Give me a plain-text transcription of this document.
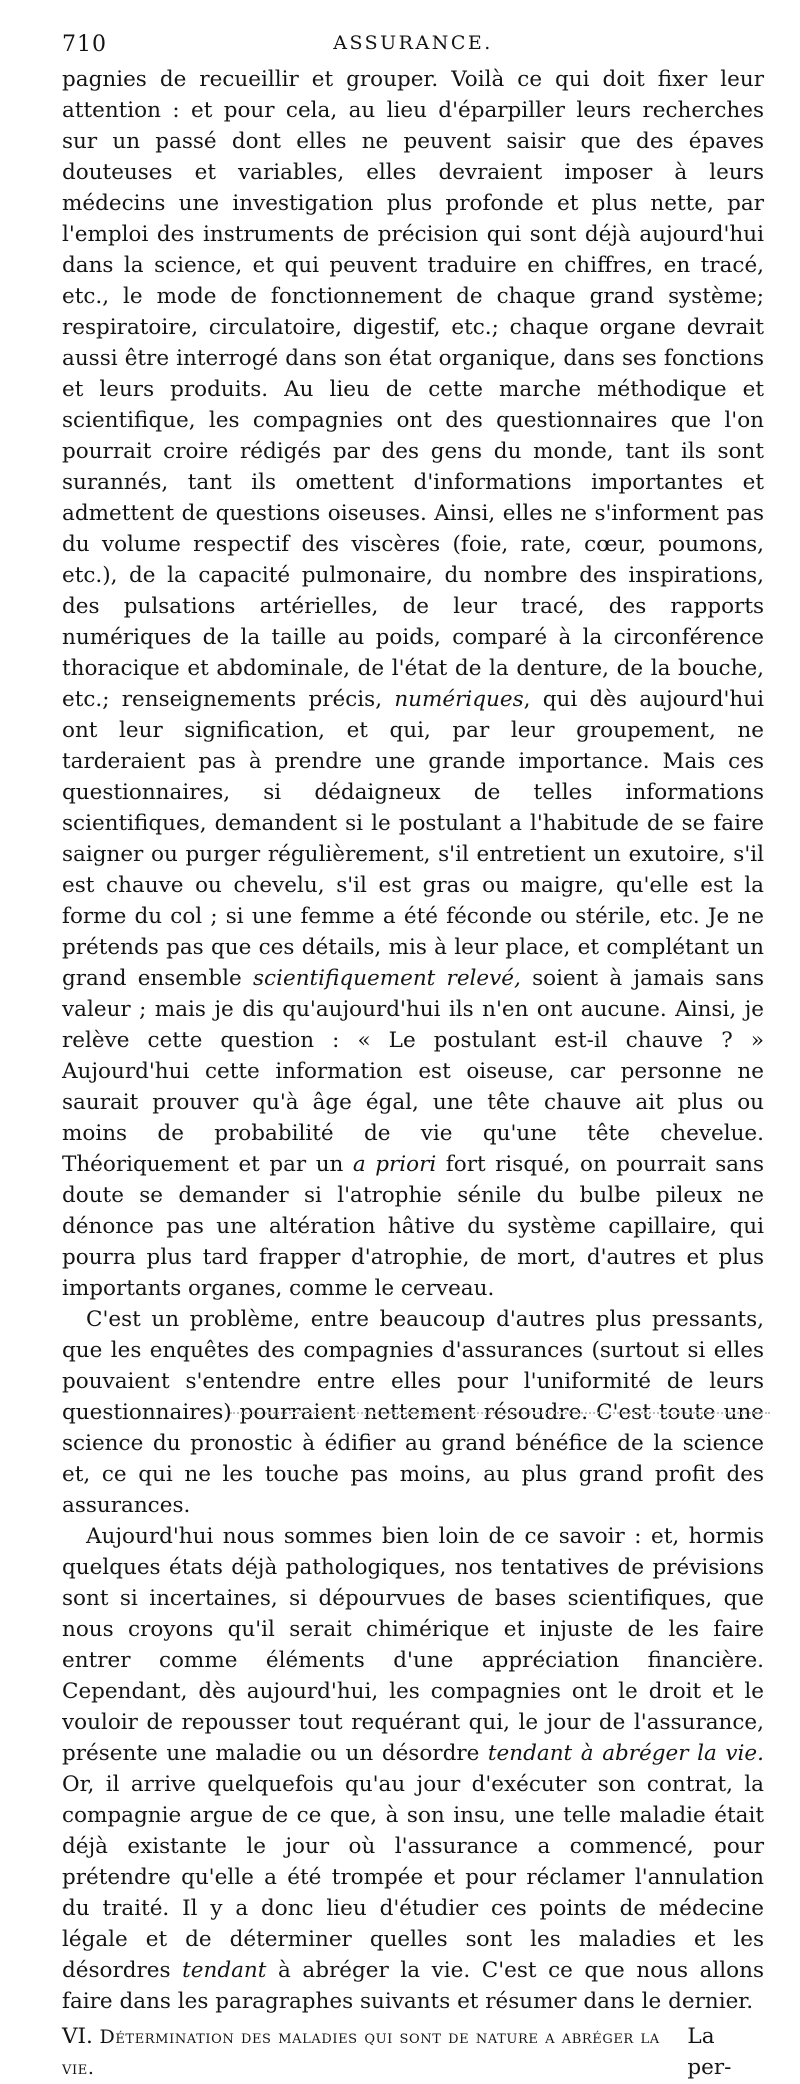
710	ASSURANCE.

pagnies de recueillir et grouper. Voilà ce qui doit fixer leur attention : et pour cela, au lieu d'éparpiller leurs recherches sur un passé dont elles ne peuvent saisir que des épaves douteuses et variables, elles devraient imposer à leurs médecins une investigation plus profonde et plus nette, par l'emploi des instruments de précision qui sont déjà aujourd'hui dans la science, et qui peuvent traduire en chiffres, en tracé, etc., le mode de fonctionnement de chaque grand système; respiratoire, circulatoire, digestif, etc.; chaque organe devrait aussi être interrogé dans son état organique, dans ses fonctions et leurs produits. Au lieu de cette marche méthodique et scientifique, les compagnies ont des questionnaires que l'on pourrait croire rédigés par des gens du monde, tant ils sont surannés, tant ils omettent d'informations importantes et admettent de questions oiseuses. Ainsi, elles ne s'informent pas du volume respectif des viscères (foie, rate, cœur, poumons, etc.), de la capacité pulmonaire, du nombre des inspirations, des pulsations artérielles, de leur tracé, des rapports numériques de la taille au poids, comparé à la circonférence thoracique et abdominale, de l'état de la denture, de la bouche, etc.; renseignements précis, numériques, qui dès aujourd'hui ont leur signification, et qui, par leur groupement, ne tarderaient pas à prendre une grande importance. Mais ces questionnaires, si dédaigneux de telles informations scientifiques, demandent si le postulant a l'habitude de se faire saigner ou purger régulièrement, s'il entretient un exutoire, s'il est chauve ou chevelu, s'il est gras ou maigre, qu'elle est la forme du col ; si une femme a été féconde ou stérile, etc. Je ne prétends pas que ces détails, mis à leur place, et complétant un grand ensemble scientifiquement relevé, soient à jamais sans valeur ; mais je dis qu'aujourd'hui ils n'en ont aucune. Ainsi, je relève cette question : « Le postulant est-il chauve ? » Aujourd'hui cette information est oiseuse, car personne ne saurait prouver qu'à âge égal, une tête chauve ait plus ou moins de probabilité de vie qu'une tête chevelue. Théoriquement et par un a priori fort risqué, on pourrait sans doute se demander si l'atrophie sénile du bulbe pileux ne dénonce pas une altération hâtive du système capillaire, qui pourra plus tard frapper d'atrophie, de mort, d'autres et plus importants organes, comme le cerveau.

C'est un problème, entre beaucoup d'autres plus pressants, que les enquêtes des compagnies d'assurances (surtout si elles pouvaient s'entendre entre elles pour l'uniformité de leurs questionnaires) pourraient nettement résoudre. C'est toute une science du pronostic à édifier au grand bénéfice de la science et, ce qui ne les touche pas moins, au plus grand profit des assurances.

Aujourd'hui nous sommes bien loin de ce savoir : et, hormis quelques états déjà pathologiques, nos tentatives de prévisions sont si incertaines, si dépourvues de bases scientifiques, que nous croyons qu'il serait chimérique et injuste de les faire entrer comme éléments d'une appréciation financière. Cependant, dès aujourd'hui, les compagnies ont le droit et le vouloir de repousser tout requérant qui, le jour de l'assurance, présente une maladie ou un désordre tendant à abréger la vie. Or, il arrive quelquefois qu'au jour d'exécuter son contrat, la compagnie argue de ce que, à son insu, une telle maladie était déjà existante le jour où l'assurance a commencé, pour prétendre qu'elle a été trompée et pour réclamer l'annulation du traité. Il y a donc lieu d'étudier ces points de médecine légale et de déterminer quelles sont les maladies et les désordres tendant à abréger la vie. C'est ce que nous allons faire dans les paragraphes suivants et résumer dans le dernier.

VI. Détermination des maladies qui sont de nature a abréger la vie.
La per-
